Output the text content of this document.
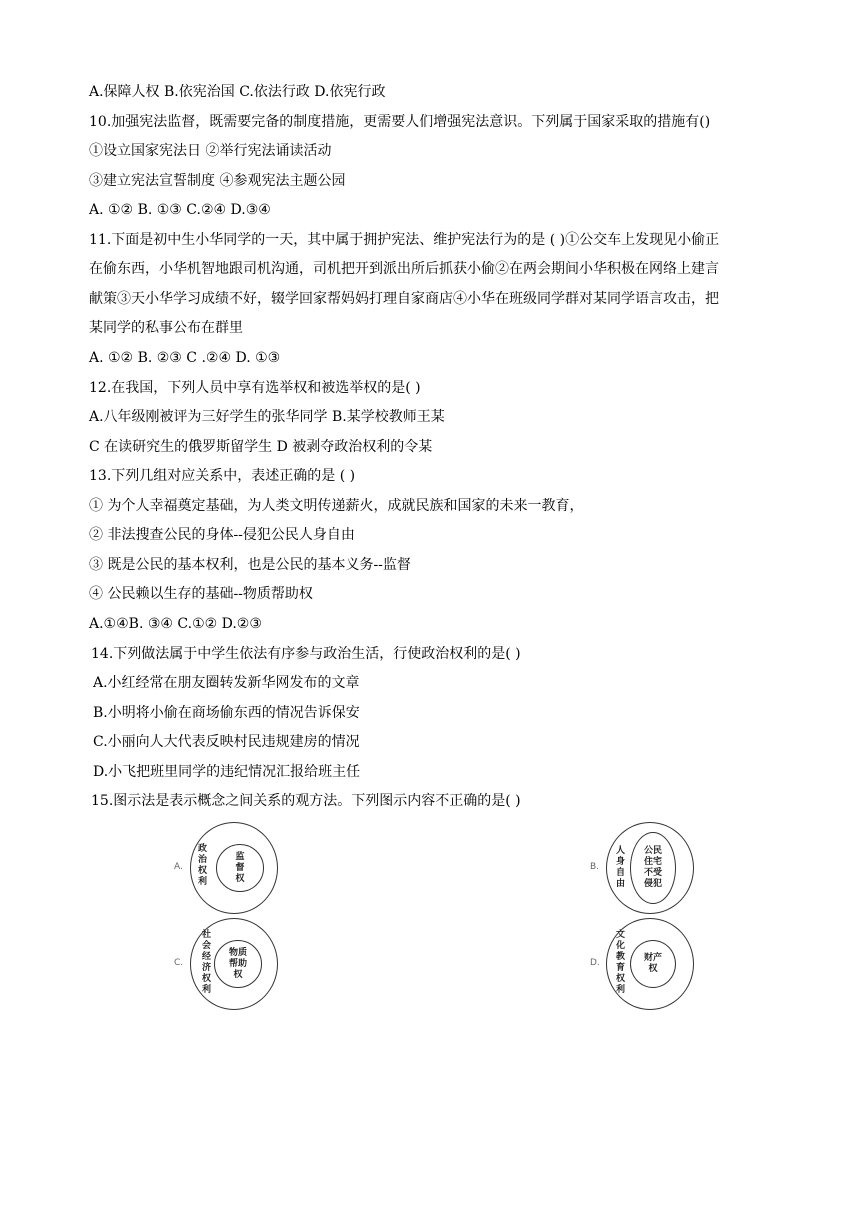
A.保障人权 B.依宪治国 C.依法行政 D.依宪行政
10.加强宪法监督，既需要完备的制度措施，更需要人们增强宪法意识。下列属于国家采取的措施有()
①设立国家宪法日 ②举行宪法诵读活动
③建立宪法宣誓制度 ④参观宪法主题公园
A. ①② B. ①③ C.②④ D.③④
11.下面是初中生小华同学的一天，其中属于拥护宪法、维护宪法行为的是 ( )①公交车上发现见小偷正
在偷东西，小华机智地跟司机沟通，司机把开到派出所后抓获小偷②在两会期间小华积极在网络上建言
献策③天小华学习成绩不好，辍学回家帮妈妈打理自家商店④小华在班级同学群对某同学语言攻击，把
某同学的私事公布在群里
A. ①② B. ②③ C .②④ D. ①③
12.在我国，下列人员中享有选举权和被选举权的是( )
A.八年级刚被评为三好学生的张华同学 B.某学校教师王某
C 在读研究生的俄罗斯留学生 D 被剥夺政治权利的令某
13.下列几组对应关系中，表述正确的是 ( )
① 为个人幸福奠定基础，为人类文明传递薪火，成就民族和国家的未来一教育，
② 非法搜查公民的身体--侵犯公民人身自由
③ 既是公民的基本权利，也是公民的基本义务--监督
④ 公民赖以生存的基础--物质帮助权
A.①④B. ③④ C.①② D.②③
14.下列做法属于中学生依法有序参与政治生活，行使政治权利的是( )
A.小红经常在朋友圈转发新华网发布的文章
B.小明将小偷在商场偷东西的情况告诉保安
C.小丽向人大代表反映村民违规建房的情况
D.小飞把班里同学的违纪情况汇报给班主任
15.图示法是表示概念之间关系的观方法。下列图示内容不正确的是( )
A.
政
治
权
利
监
督
权
B.
人
身
自
由
公民
住宅
不受
侵犯
C.
社
会
经
济
权
利
物质
帮助
权
D.
文
化
教
育
权
利
财产
权
